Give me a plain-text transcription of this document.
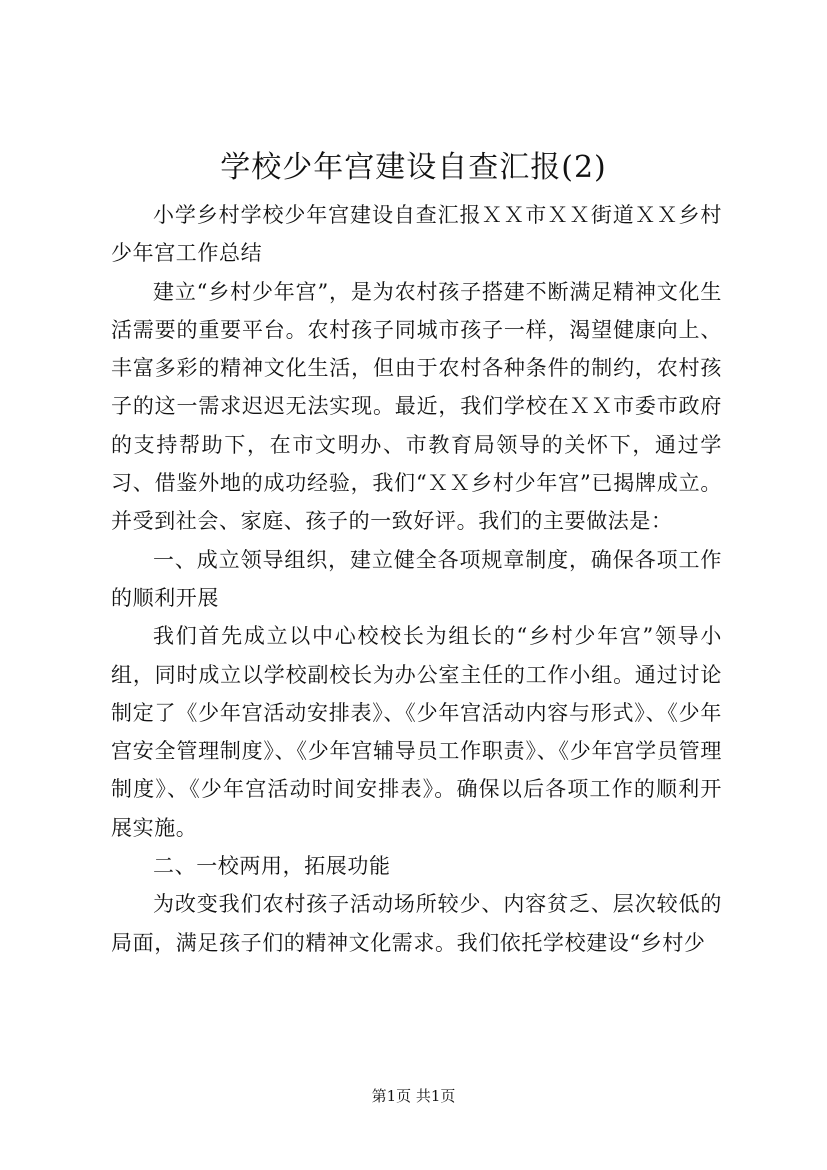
学校少年宫建设自查汇报(2)

小学乡村学校少年宫建设自查汇报ＸＸ市ＸＸ街道ＸＸ乡村少年宫工作总结

建立“乡村少年宫”，是为农村孩子搭建不断满足精神文化生活需要的重要平台。农村孩子同城市孩子一样，渴望健康向上、丰富多彩的精神文化生活，但由于农村各种条件的制约，农村孩子的这一需求迟迟无法实现。最近，我们学校在ＸＸ市委市政府的支持帮助下，在市文明办、市教育局领导的关怀下，通过学习、借鉴外地的成功经验，我们“ＸＸ乡村少年宫”已揭牌成立。并受到社会、家庭、孩子的一致好评。我们的主要做法是：

一、成立领导组织，建立健全各项规章制度，确保各项工作的顺利开展

我们首先成立以中心校校长为组长的“乡村少年宫”领导小组，同时成立以学校副校长为办公室主任的工作小组。通过讨论制定了《少年宫活动安排表》、《少年宫活动内容与形式》、《少年宫安全管理制度》、《少年宫辅导员工作职责》、《少年宫学员管理制度》、《少年宫活动时间安排表》。确保以后各项工作的顺利开展实施。

二、一校两用，拓展功能

为改变我们农村孩子活动场所较少、内容贫乏、层次较低的局面，满足孩子们的精神文化需求。我们依托学校建设“乡村少

第1页 共1页
